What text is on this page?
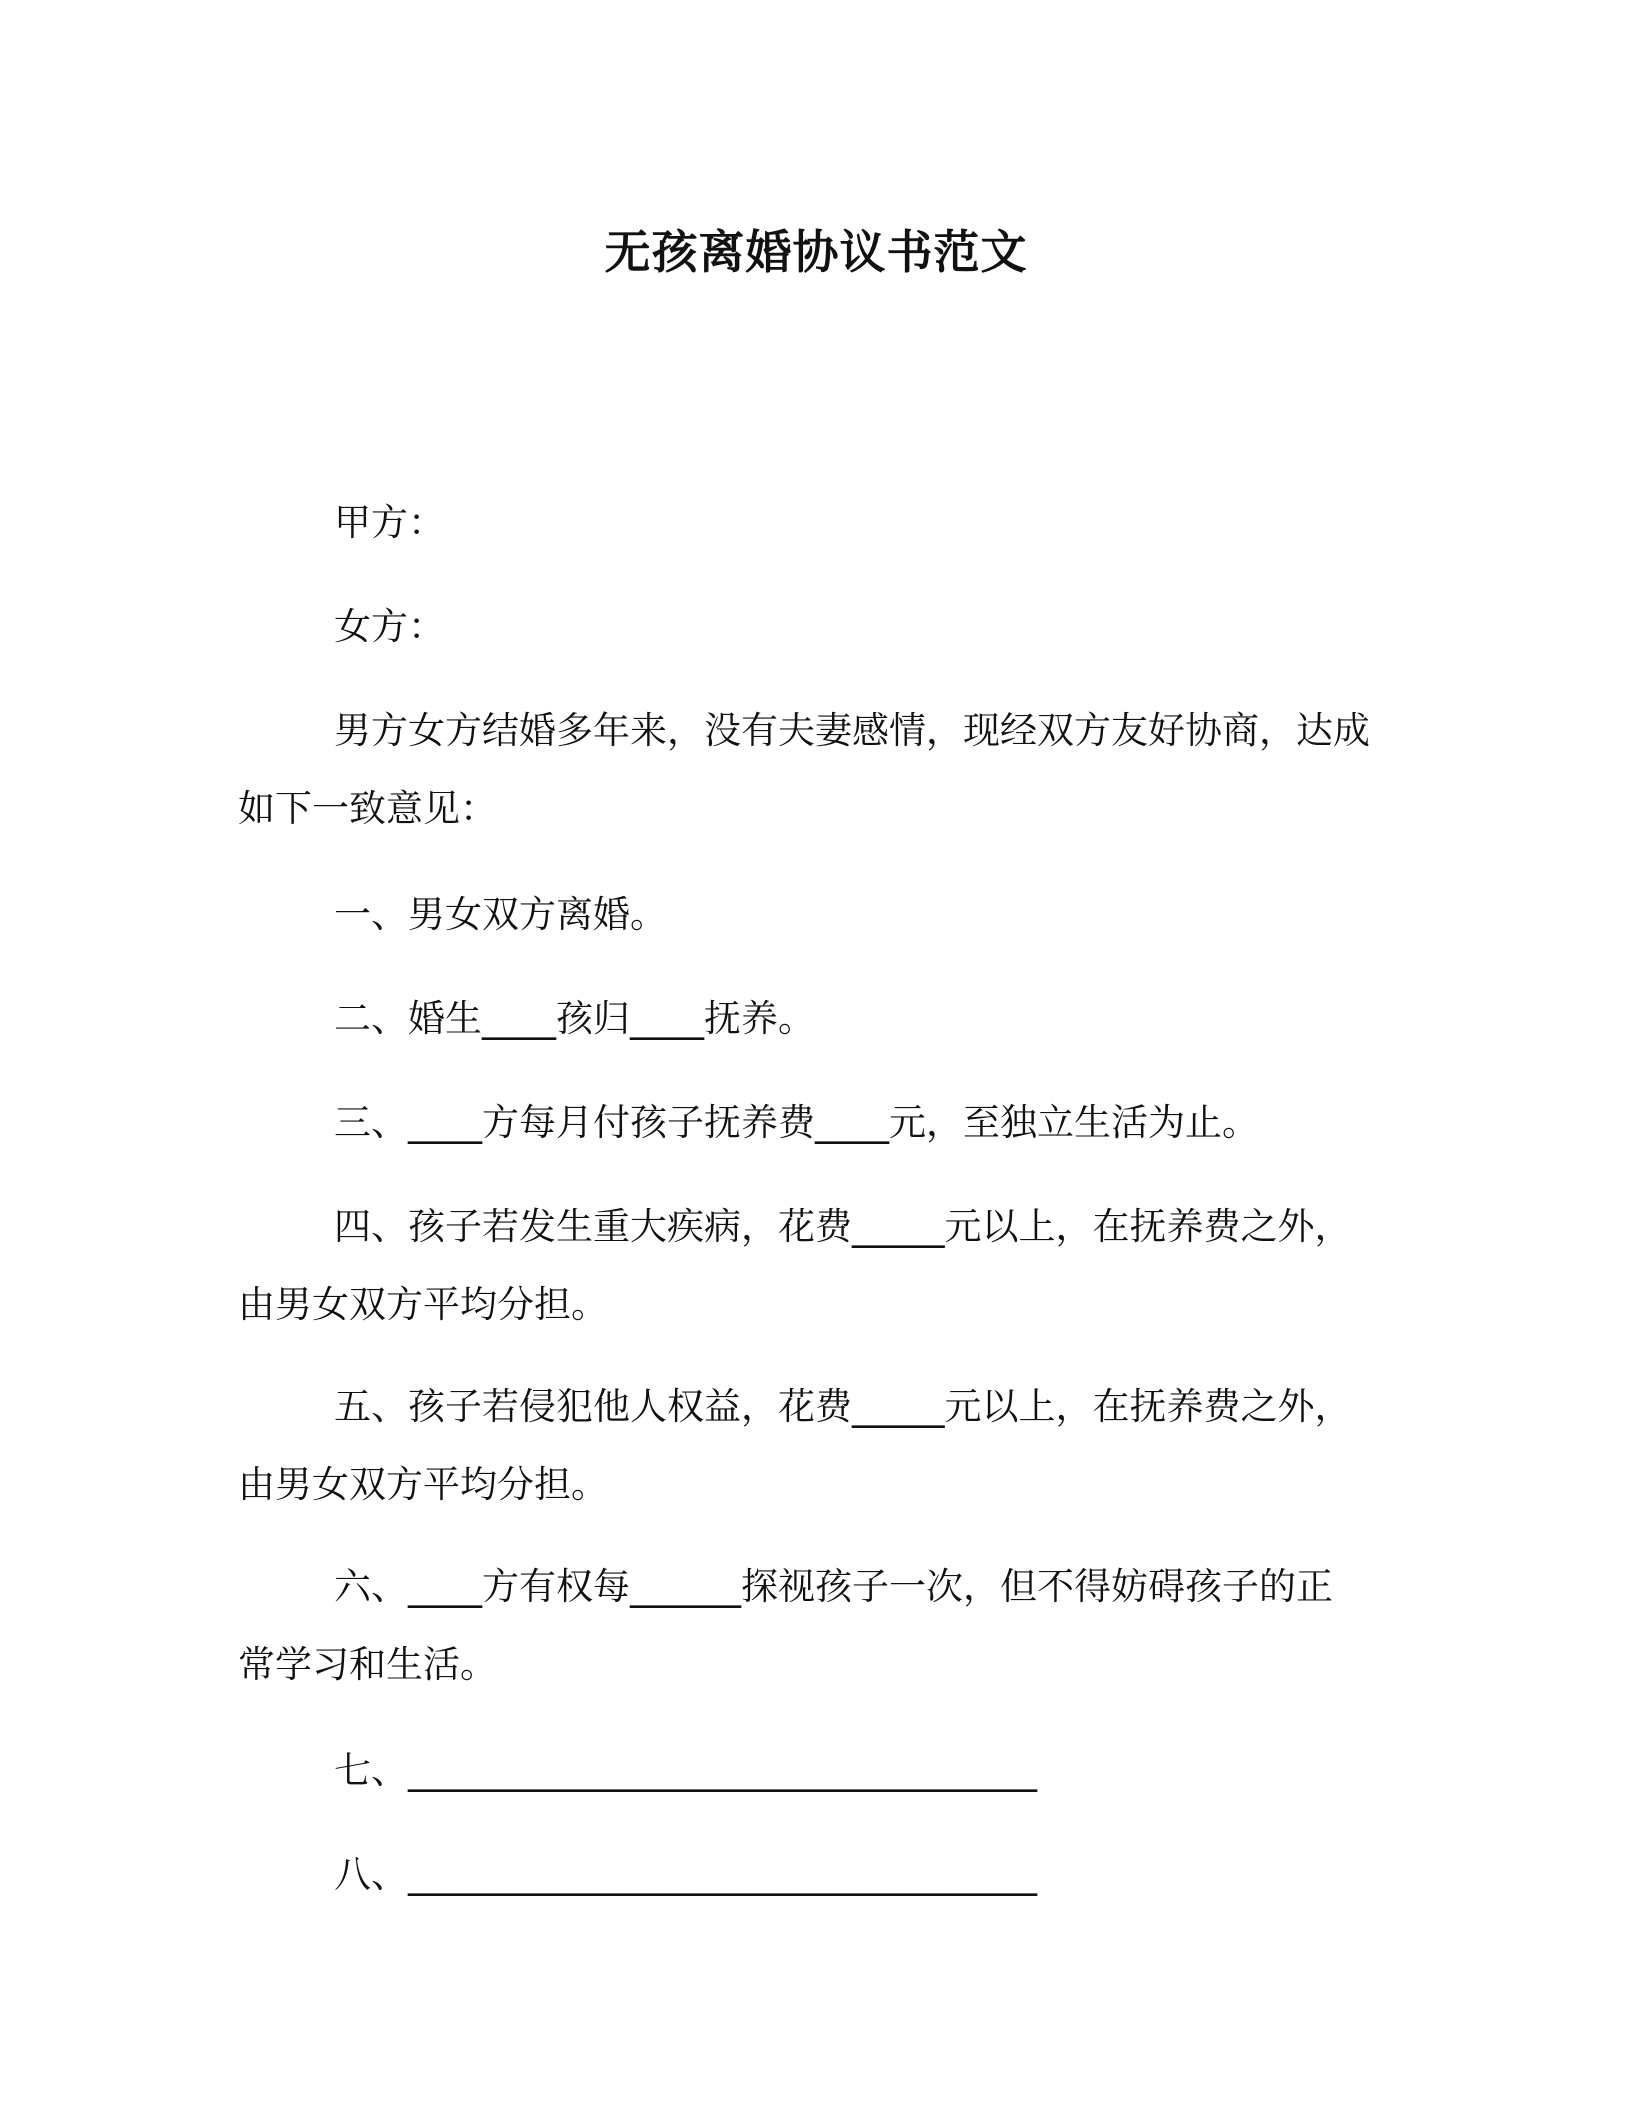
无孩离婚协议书范文

甲方：

女方：

男方女方结婚多年来，没有夫妻感情，现经双方友好协商，达成
如下一致意见：

一、男女双方离婚。

二、婚生____孩归____抚养。

三、____方每月付孩子抚养费____元，至独立生活为止。

四、孩子若发生重大疾病，花费_____元以上，在抚养费之外，
由男女双方平均分担。

五、孩子若侵犯他人权益，花费_____元以上，在抚养费之外，
由男女双方平均分担。

六、____方有权每______探视孩子一次，但不得妨碍孩子的正
常学习和生活。

七、__________________________________

八、__________________________________
